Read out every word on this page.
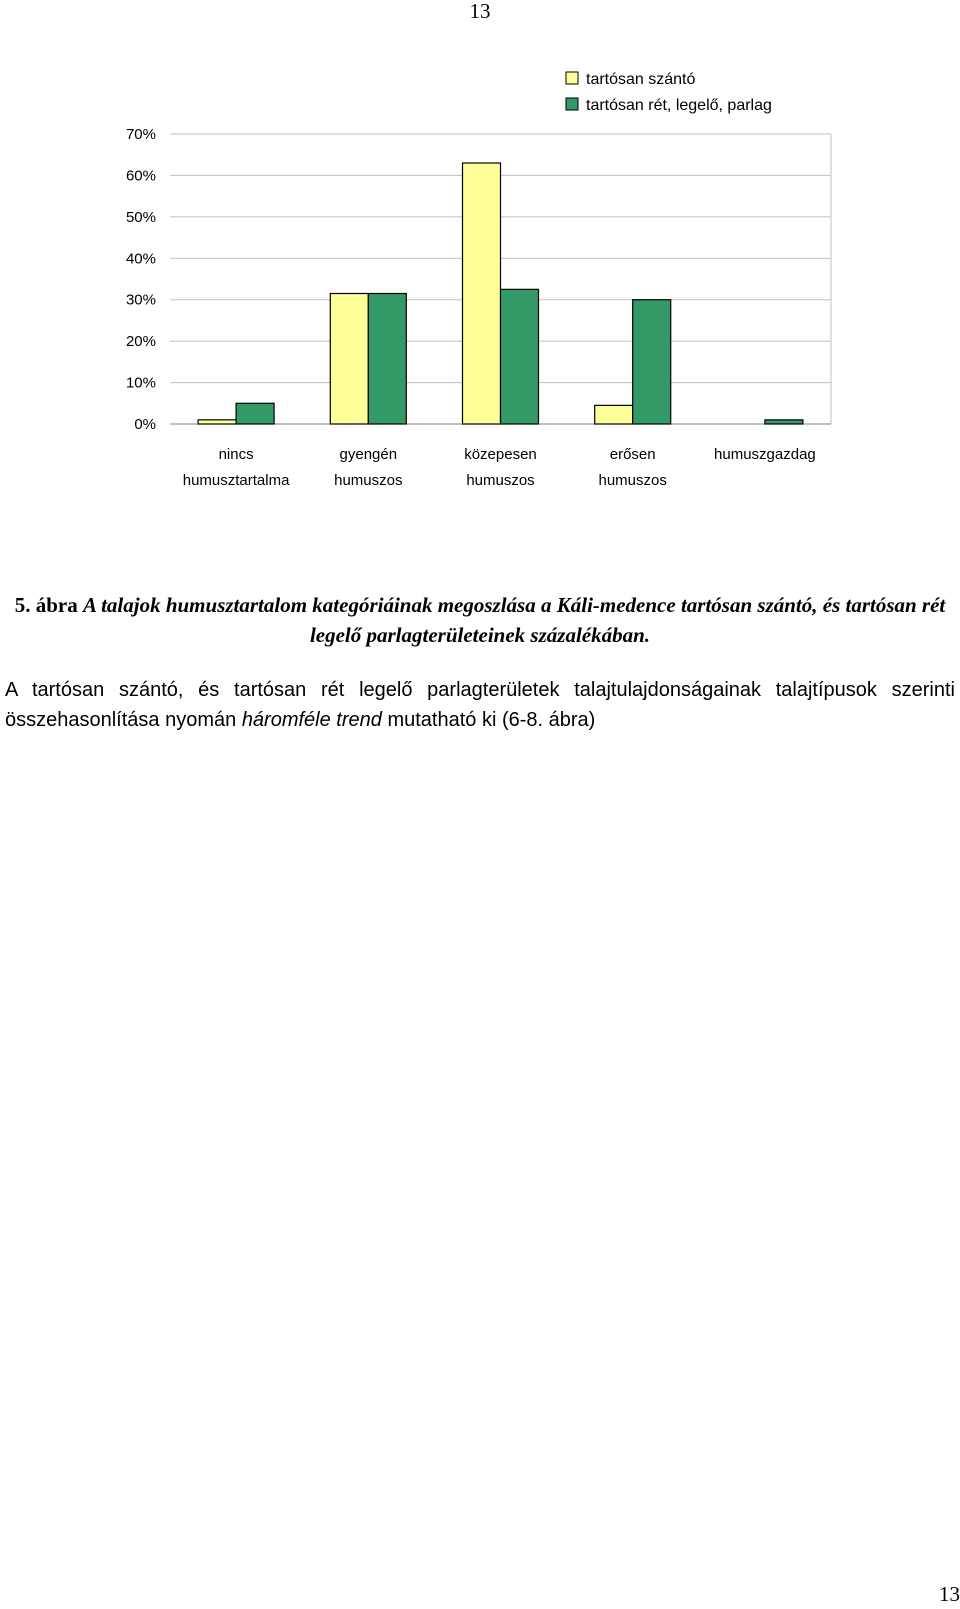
13
tartósan szántó
tartósan rét, legelő, parlag
0%
10%
20%
30%
40%
50%
60%
70%
nincs humusztartalma
gyengén humuszos
közepesen humuszos
erősen humuszos
humuszgazdag
5. ábra A talajok humusztartalom kategóriáinak megoszlása a Káli-medence tartósan szántó, és tartósan rét legelő parlagterületeinek százalékában.
A tartósan szántó, és tartósan rét legelő parlagterületek talajtulajdonságainak talajtípusok szerinti összehasonlítása nyomán háromféle trend mutatható ki (6-8. ábra)
13
